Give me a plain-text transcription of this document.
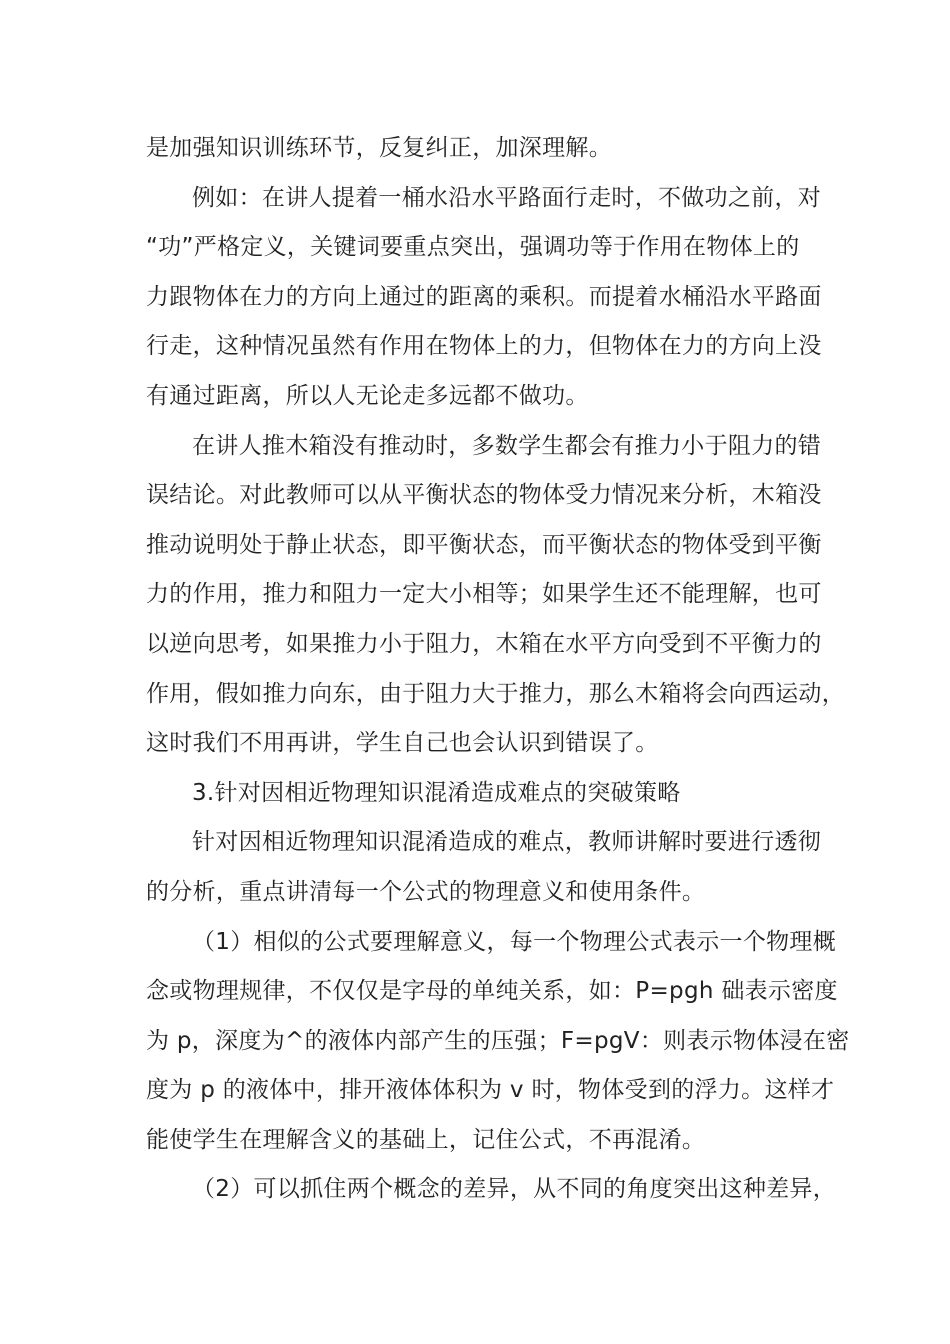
是加强知识训练环节，反复纠正，加深理解。
例如：在讲人提着一桶水沿水平路面行走时，不做功之前，对
“功”严格定义，关键词要重点突出，强调功等于作用在物体上的
力跟物体在力的方向上通过的距离的乘积。而提着水桶沿水平路面
行走，这种情况虽然有作用在物体上的力，但物体在力的方向上没
有通过距离，所以人无论走多远都不做功。
在讲人推木箱没有推动时，多数学生都会有推力小于阻力的错
误结论。对此教师可以从平衡状态的物体受力情况来分析，木箱没
推动说明处于静止状态，即平衡状态，而平衡状态的物体受到平衡
力的作用，推力和阻力一定大小相等；如果学生还不能理解，也可
以逆向思考，如果推力小于阻力，木箱在水平方向受到不平衡力的
作用，假如推力向东，由于阻力大于推力，那么木箱将会向西运动，
这时我们不用再讲，学生自己也会认识到错误了。
3.针对因相近物理知识混淆造成难点的突破策略
针对因相近物理知识混淆造成的难点，教师讲解时要进行透彻
的分析，重点讲清每一个公式的物理意义和使用条件。
（1）相似的公式要理解意义，每一个物理公式表示一个物理概
念或物理规律，不仅仅是字母的单纯关系，如：P=pgh 础表示密度
为 p，深度为^的液体内部产生的压强；F=pgV：则表示物体浸在密
度为 p 的液体中，排开液体体积为 v 时，物体受到的浮力。这样才
能使学生在理解含义的基础上，记住公式，不再混淆。
（2）可以抓住两个概念的差异，从不同的角度突出这种差异，
